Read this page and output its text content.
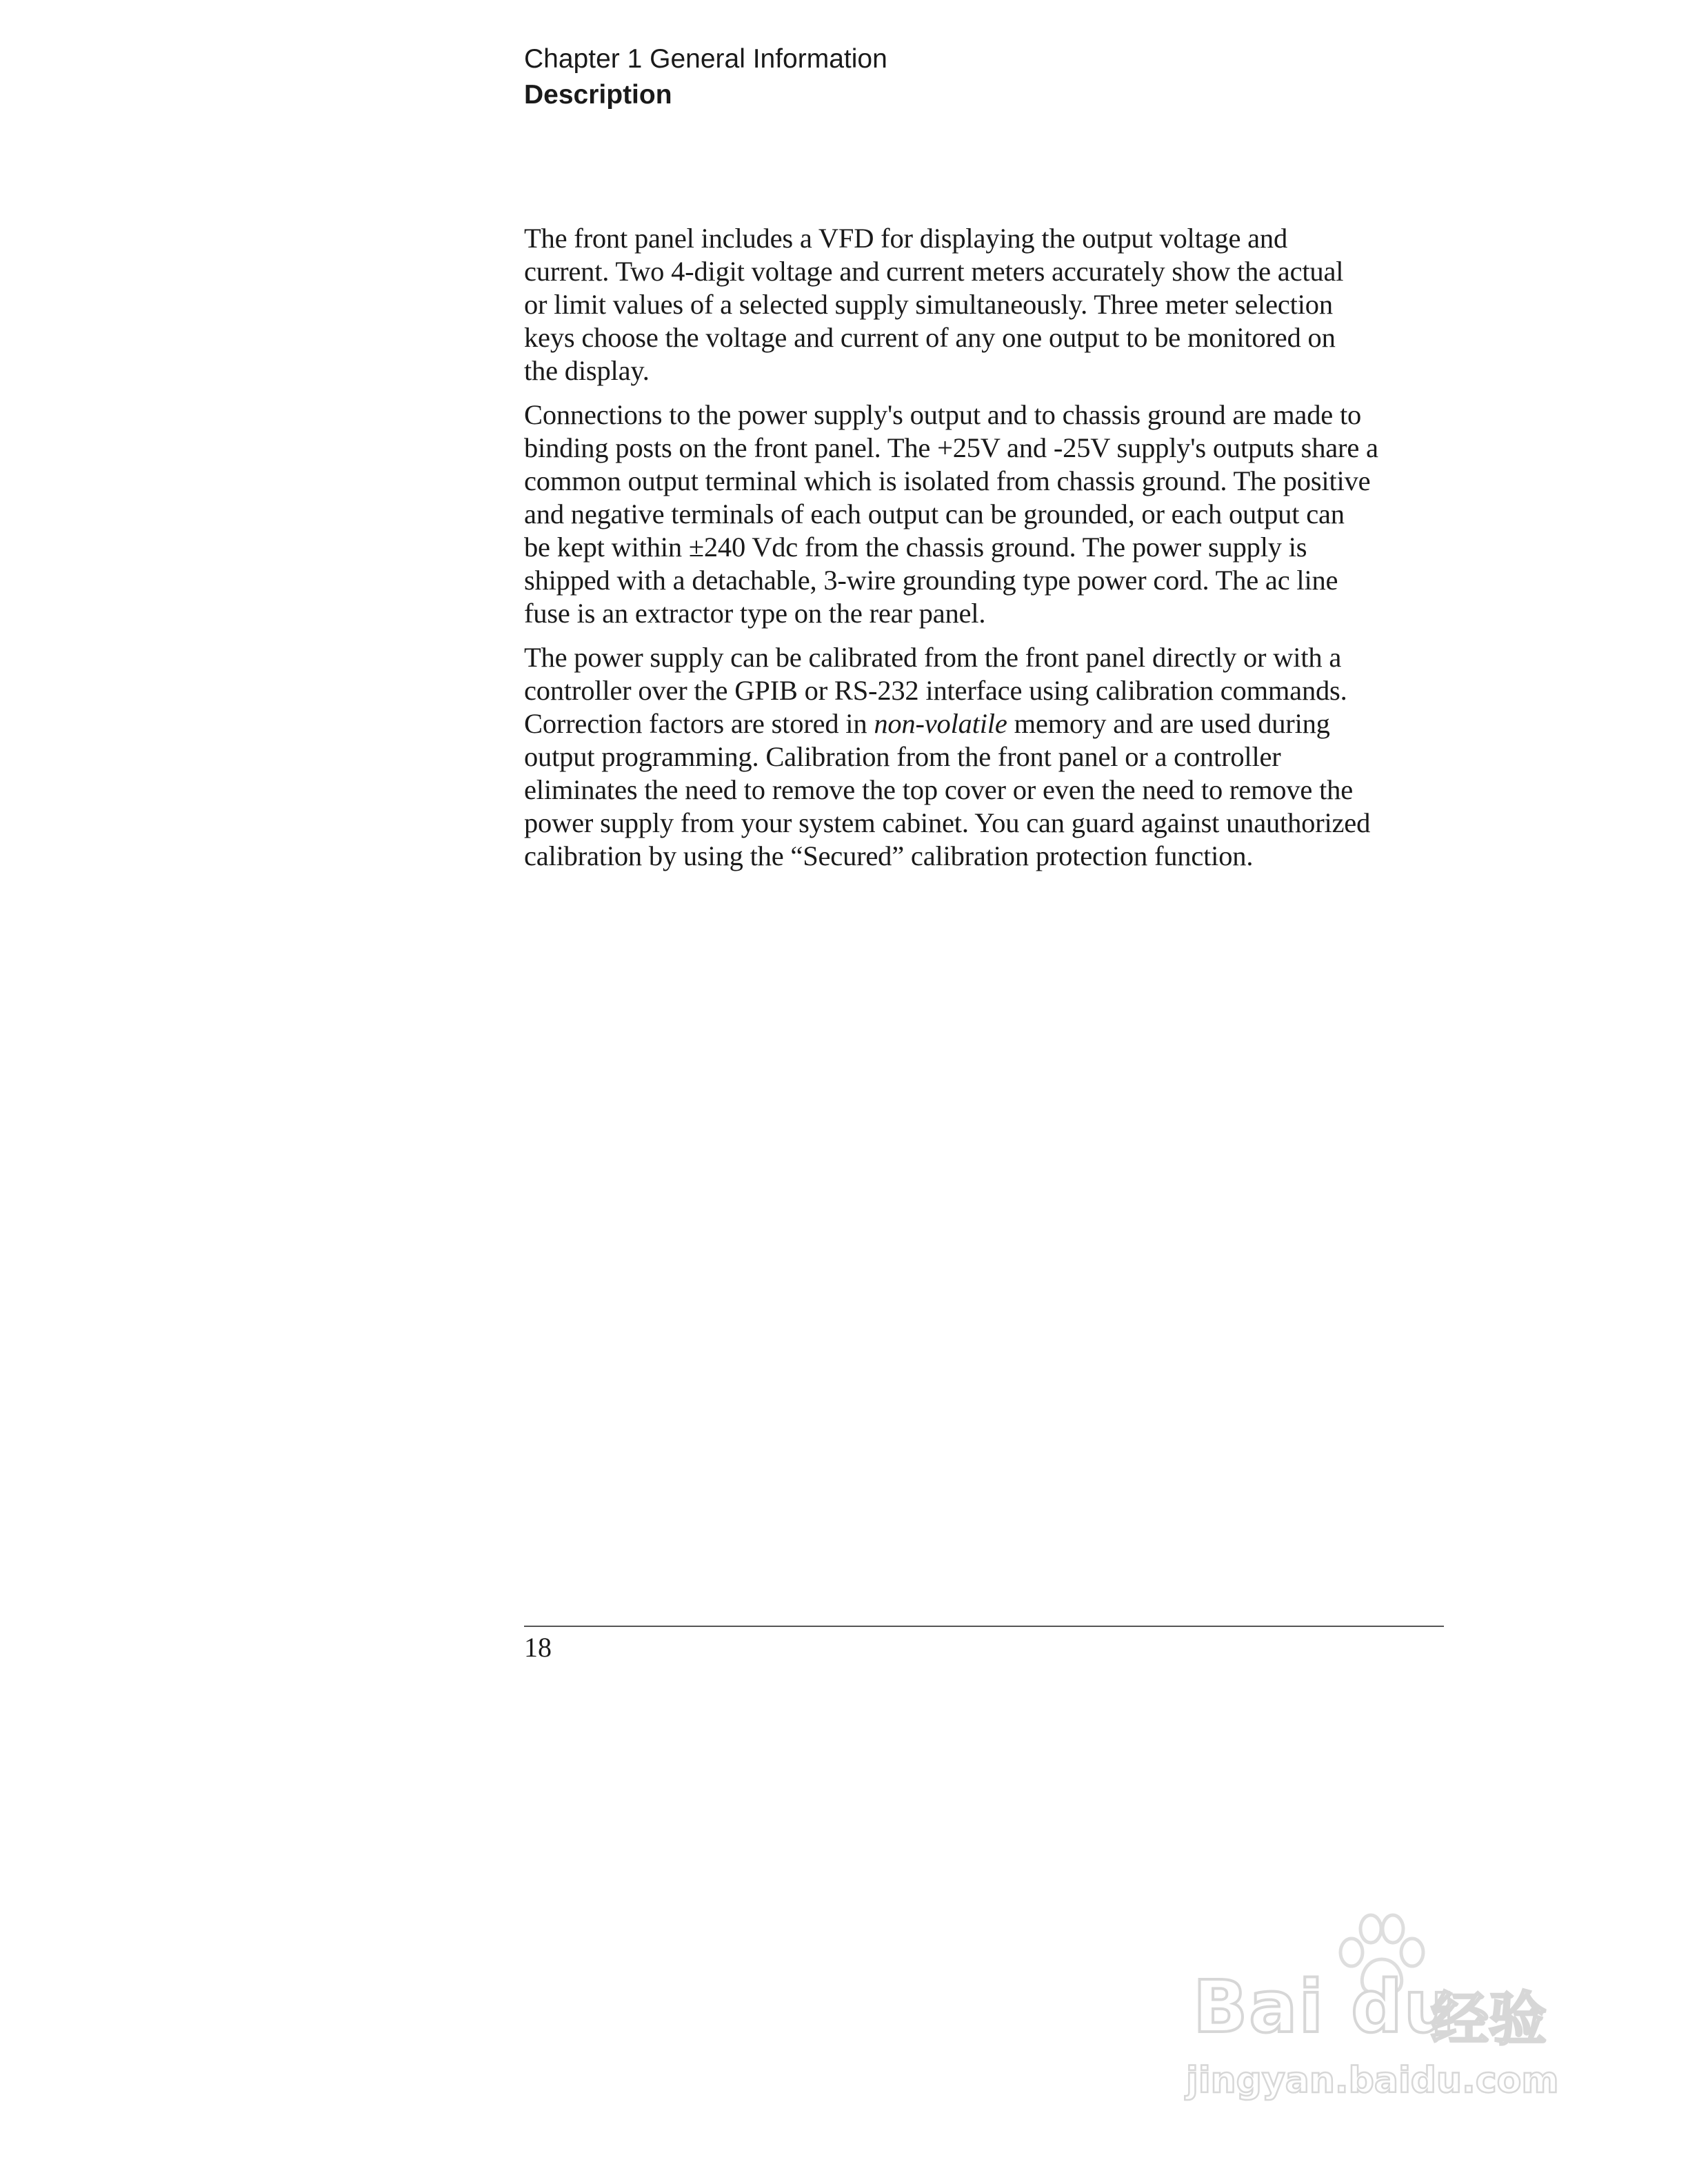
Chapter 1 General Information
Description
The front panel includes a VFD for displaying the output voltage and
current. Two 4-digit voltage and current meters accurately show the actual
or limit values of a selected supply simultaneously. Three meter selection
keys choose the voltage and current of any one output to be monitored on
the display.
Connections to the power supply's output and to chassis ground are made to
binding posts on the front panel. The +25V and -25V supply's outputs share a
common output terminal which is isolated from chassis ground. The positive
and negative terminals of each output can be grounded, or each output can
be kept within ±240 Vdc from the chassis ground. The power supply is
shipped with a detachable, 3-wire grounding type power cord. The ac line
fuse is an extractor type on the rear panel.
The power supply can be calibrated from the front panel directly or with a
controller over the GPIB or RS-232 interface using calibration commands.
Correction factors are stored in non-volatile memory and are used during
output programming. Calibration from the front panel or a controller
eliminates the need to remove the top cover or even the need to remove the
power supply from your system cabinet. You can guard against unauthorized
calibration by using the “Secured” calibration protection function.
18
Bai du
经验
jingyan.baidu.com
